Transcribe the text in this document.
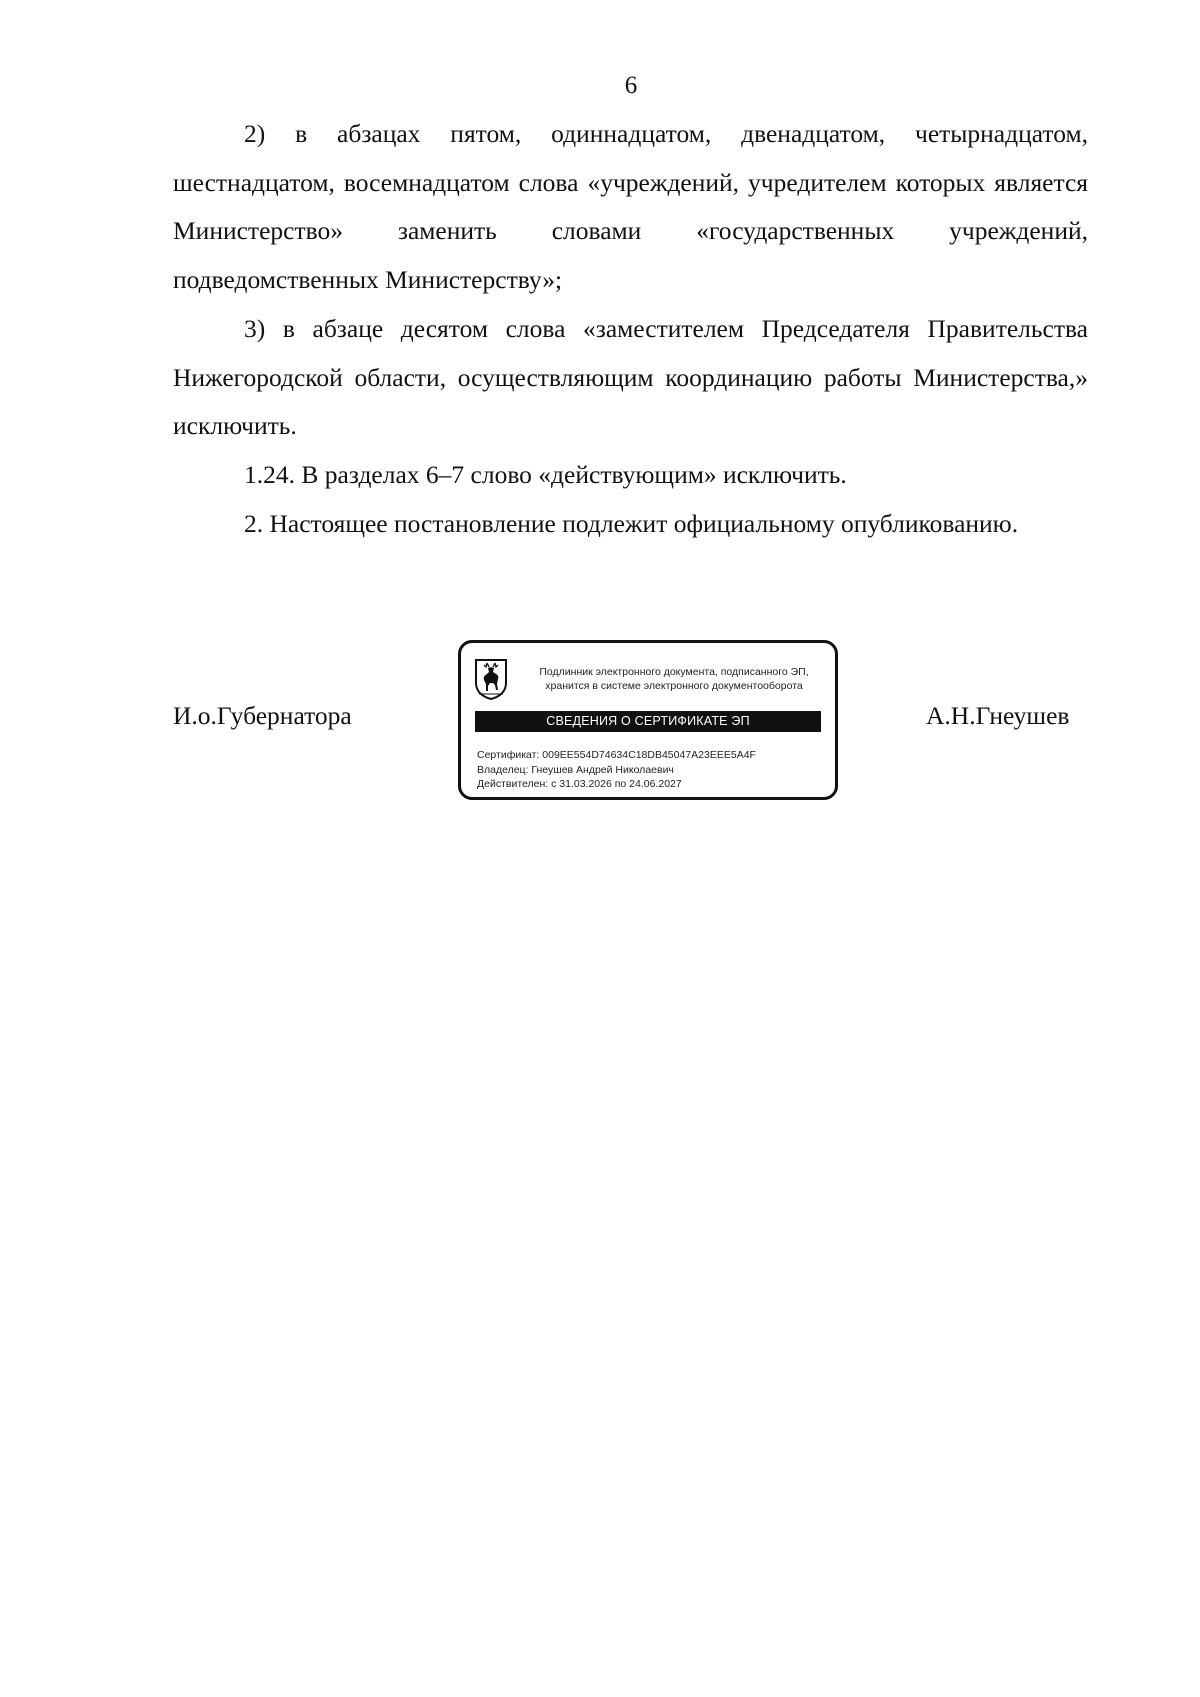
6

2) в абзацах пятом, одиннадцатом, двенадцатом, четырнадцатом, шестнадцатом, восемнадцатом слова «учреждений, учредителем которых является Министерство» заменить словами «государственных учреждений, подведомственных Министерству»;

3) в абзаце десятом слова «заместителем Председателя Правительства Нижегородской области, осуществляющим координацию работы Министерства,» исключить.

1.24. В разделах 6–7 слово «действующим» исключить.

2. Настоящее постановление подлежит официальному опубликованию.

И.о.Губернатора
Подлинник электронного документа, подписанного ЭП,
хранится в системе электронного документооборота
СВЕДЕНИЯ О СЕРТИФИКАТЕ ЭП
Сертификат: 009EE554D74634C18DB45047A23EEE5A4F
Владелец: Гнеушев Андрей Николаевич
Действителен: с 31.03.2026 по 24.06.2027
А.Н.Гнеушев
